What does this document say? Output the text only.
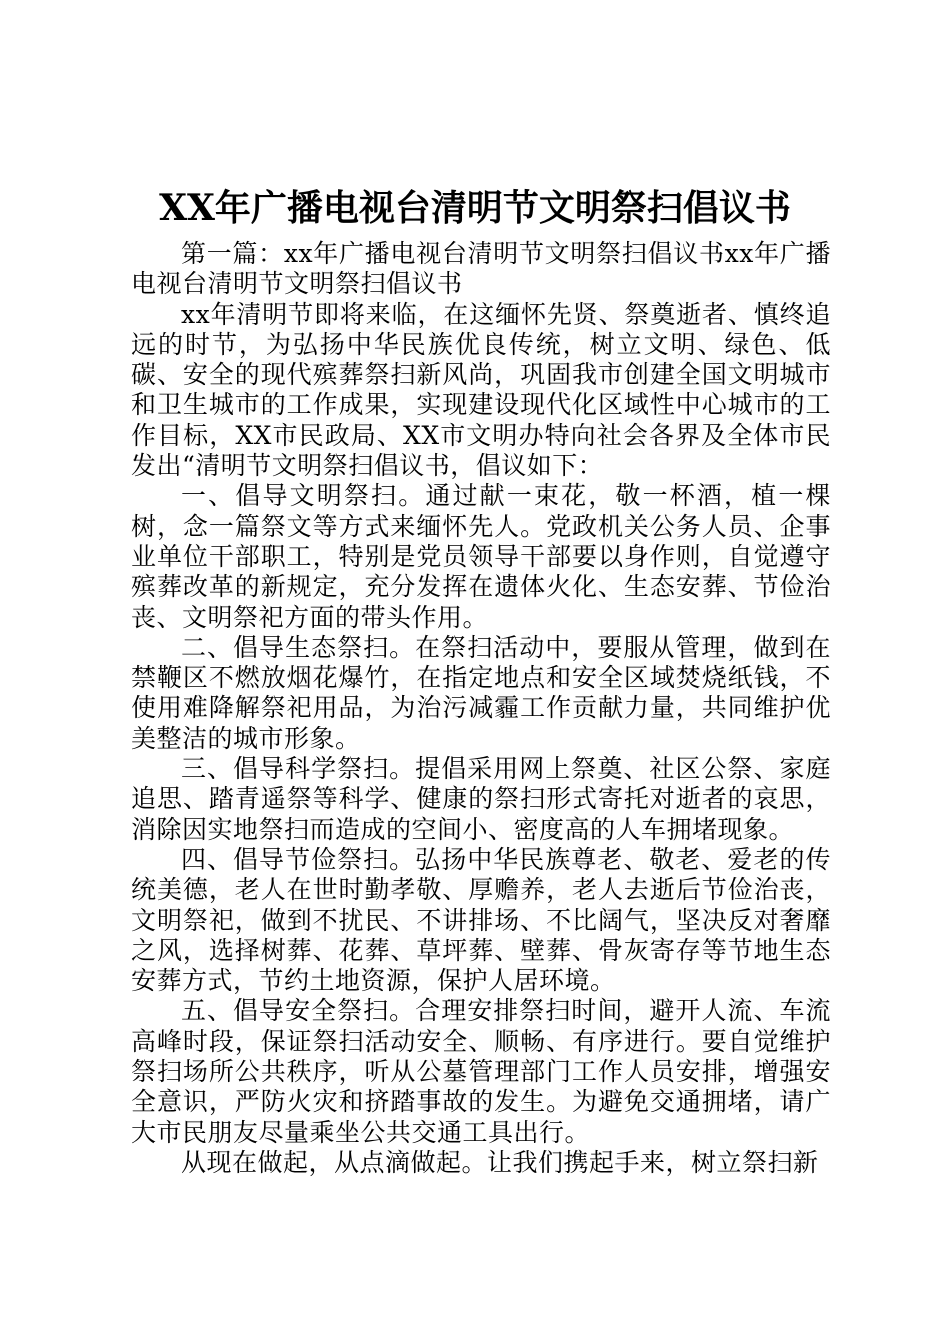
XX年广播电视台清明节文明祭扫倡议书

第一篇：xx年广播电视台清明节文明祭扫倡议书xx年广播电视台清明节文明祭扫倡议书

xx年清明节即将来临，在这缅怀先贤、祭奠逝者、慎终追远的时节，为弘扬中华民族优良传统，树立文明、绿色、低碳、安全的现代殡葬祭扫新风尚，巩固我市创建全国文明城市和卫生城市的工作成果，实现建设现代化区域性中心城市的工作目标，XX市民政局、XX市文明办特向社会各界及全体市民发出“清明节文明祭扫倡议书，倡议如下：

一、倡导文明祭扫。通过献一束花，敬一杯酒，植一棵树，念一篇祭文等方式来缅怀先人。党政机关公务人员、企事业单位干部职工，特别是党员领导干部要以身作则，自觉遵守殡葬改革的新规定，充分发挥在遗体火化、生态安葬、节俭治丧、文明祭祀方面的带头作用。

二、倡导生态祭扫。在祭扫活动中，要服从管理，做到在禁鞭区不燃放烟花爆竹，在指定地点和安全区域焚烧纸钱，不使用难降解祭祀用品，为治污减霾工作贡献力量，共同维护优美整洁的城市形象。

三、倡导科学祭扫。提倡采用网上祭奠、社区公祭、家庭追思、踏青遥祭等科学、健康的祭扫形式寄托对逝者的哀思，消除因实地祭扫而造成的空间小、密度高的人车拥堵现象。

四、倡导节俭祭扫。弘扬中华民族尊老、敬老、爱老的传统美德，老人在世时勤孝敬、厚赡养，老人去逝后节俭治丧，文明祭祀，做到不扰民、不讲排场、不比阔气，坚决反对奢靡之风，选择树葬、花葬、草坪葬、壁葬、骨灰寄存等节地生态安葬方式，节约土地资源，保护人居环境。

五、倡导安全祭扫。合理安排祭扫时间，避开人流、车流高峰时段，保证祭扫活动安全、顺畅、有序进行。要自觉维护祭扫场所公共秩序，听从公墓管理部门工作人员安排，增强安全意识，严防火灾和挤踏事故的发生。为避免交通拥堵，请广大市民朋友尽量乘坐公共交通工具出行。

从现在做起，从点滴做起。让我们携起手来，树立祭扫新
